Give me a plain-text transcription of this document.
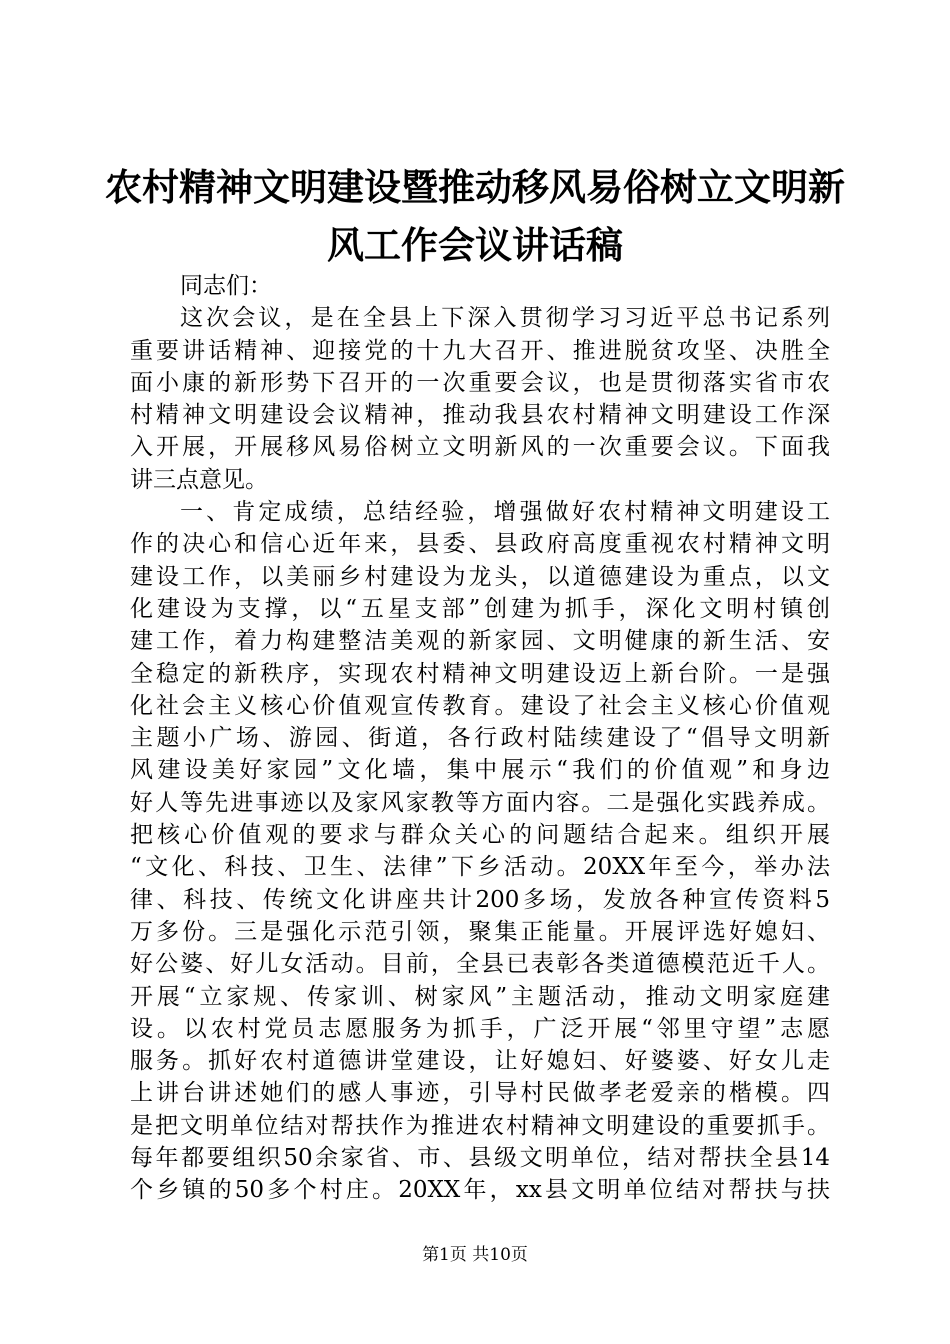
农村精神文明建设暨推动移风易俗树立文明新
风工作会议讲话稿
同志们：
这次会议，是在全县上下深入贯彻学习习近平总书记系列
重要讲话精神、迎接党的十九大召开、推进脱贫攻坚、决胜全
面小康的新形势下召开的一次重要会议，也是贯彻落实省市农
村精神文明建设会议精神，推动我县农村精神文明建设工作深
入开展，开展移风易俗树立文明新风的一次重要会议。下面我
讲三点意见。
一、肯定成绩，总结经验，增强做好农村精神文明建设工
作的决心和信心近年来，县委、县政府高度重视农村精神文明
建设工作，以美丽乡村建设为龙头，以道德建设为重点，以文
化建设为支撑，以“五星支部”创建为抓手，深化文明村镇创
建工作，着力构建整洁美观的新家园、文明健康的新生活、安
全稳定的新秩序，实现农村精神文明建设迈上新台阶。一是强
化社会主义核心价值观宣传教育。建设了社会主义核心价值观
主题小广场、游园、街道，各行政村陆续建设了“倡导文明新
风建设美好家园”文化墙，集中展示“我们的价值观”和身边
好人等先进事迹以及家风家教等方面内容。二是强化实践养成。
把核心价值观的要求与群众关心的问题结合起来。组织开展
“文化、科技、卫生、法律”下乡活动。20XX年至今，举办法
律、科技、传统文化讲座共计200多场，发放各种宣传资料5
万多份。三是强化示范引领，聚集正能量。开展评选好媳妇、
好公婆、好儿女活动。目前，全县已表彰各类道德模范近千人。
开展“立家规、传家训、树家风”主题活动，推动文明家庭建
设。以农村党员志愿服务为抓手，广泛开展“邻里守望”志愿
服务。抓好农村道德讲堂建设，让好媳妇、好婆婆、好女儿走
上讲台讲述她们的感人事迹，引导村民做孝老爱亲的楷模。四
是把文明单位结对帮扶作为推进农村精神文明建设的重要抓手。
每年都要组织50余家省、市、县级文明单位，结对帮扶全县14
个乡镇的50多个村庄。20XX年，xx县文明单位结对帮扶与扶
第1页 共10页
